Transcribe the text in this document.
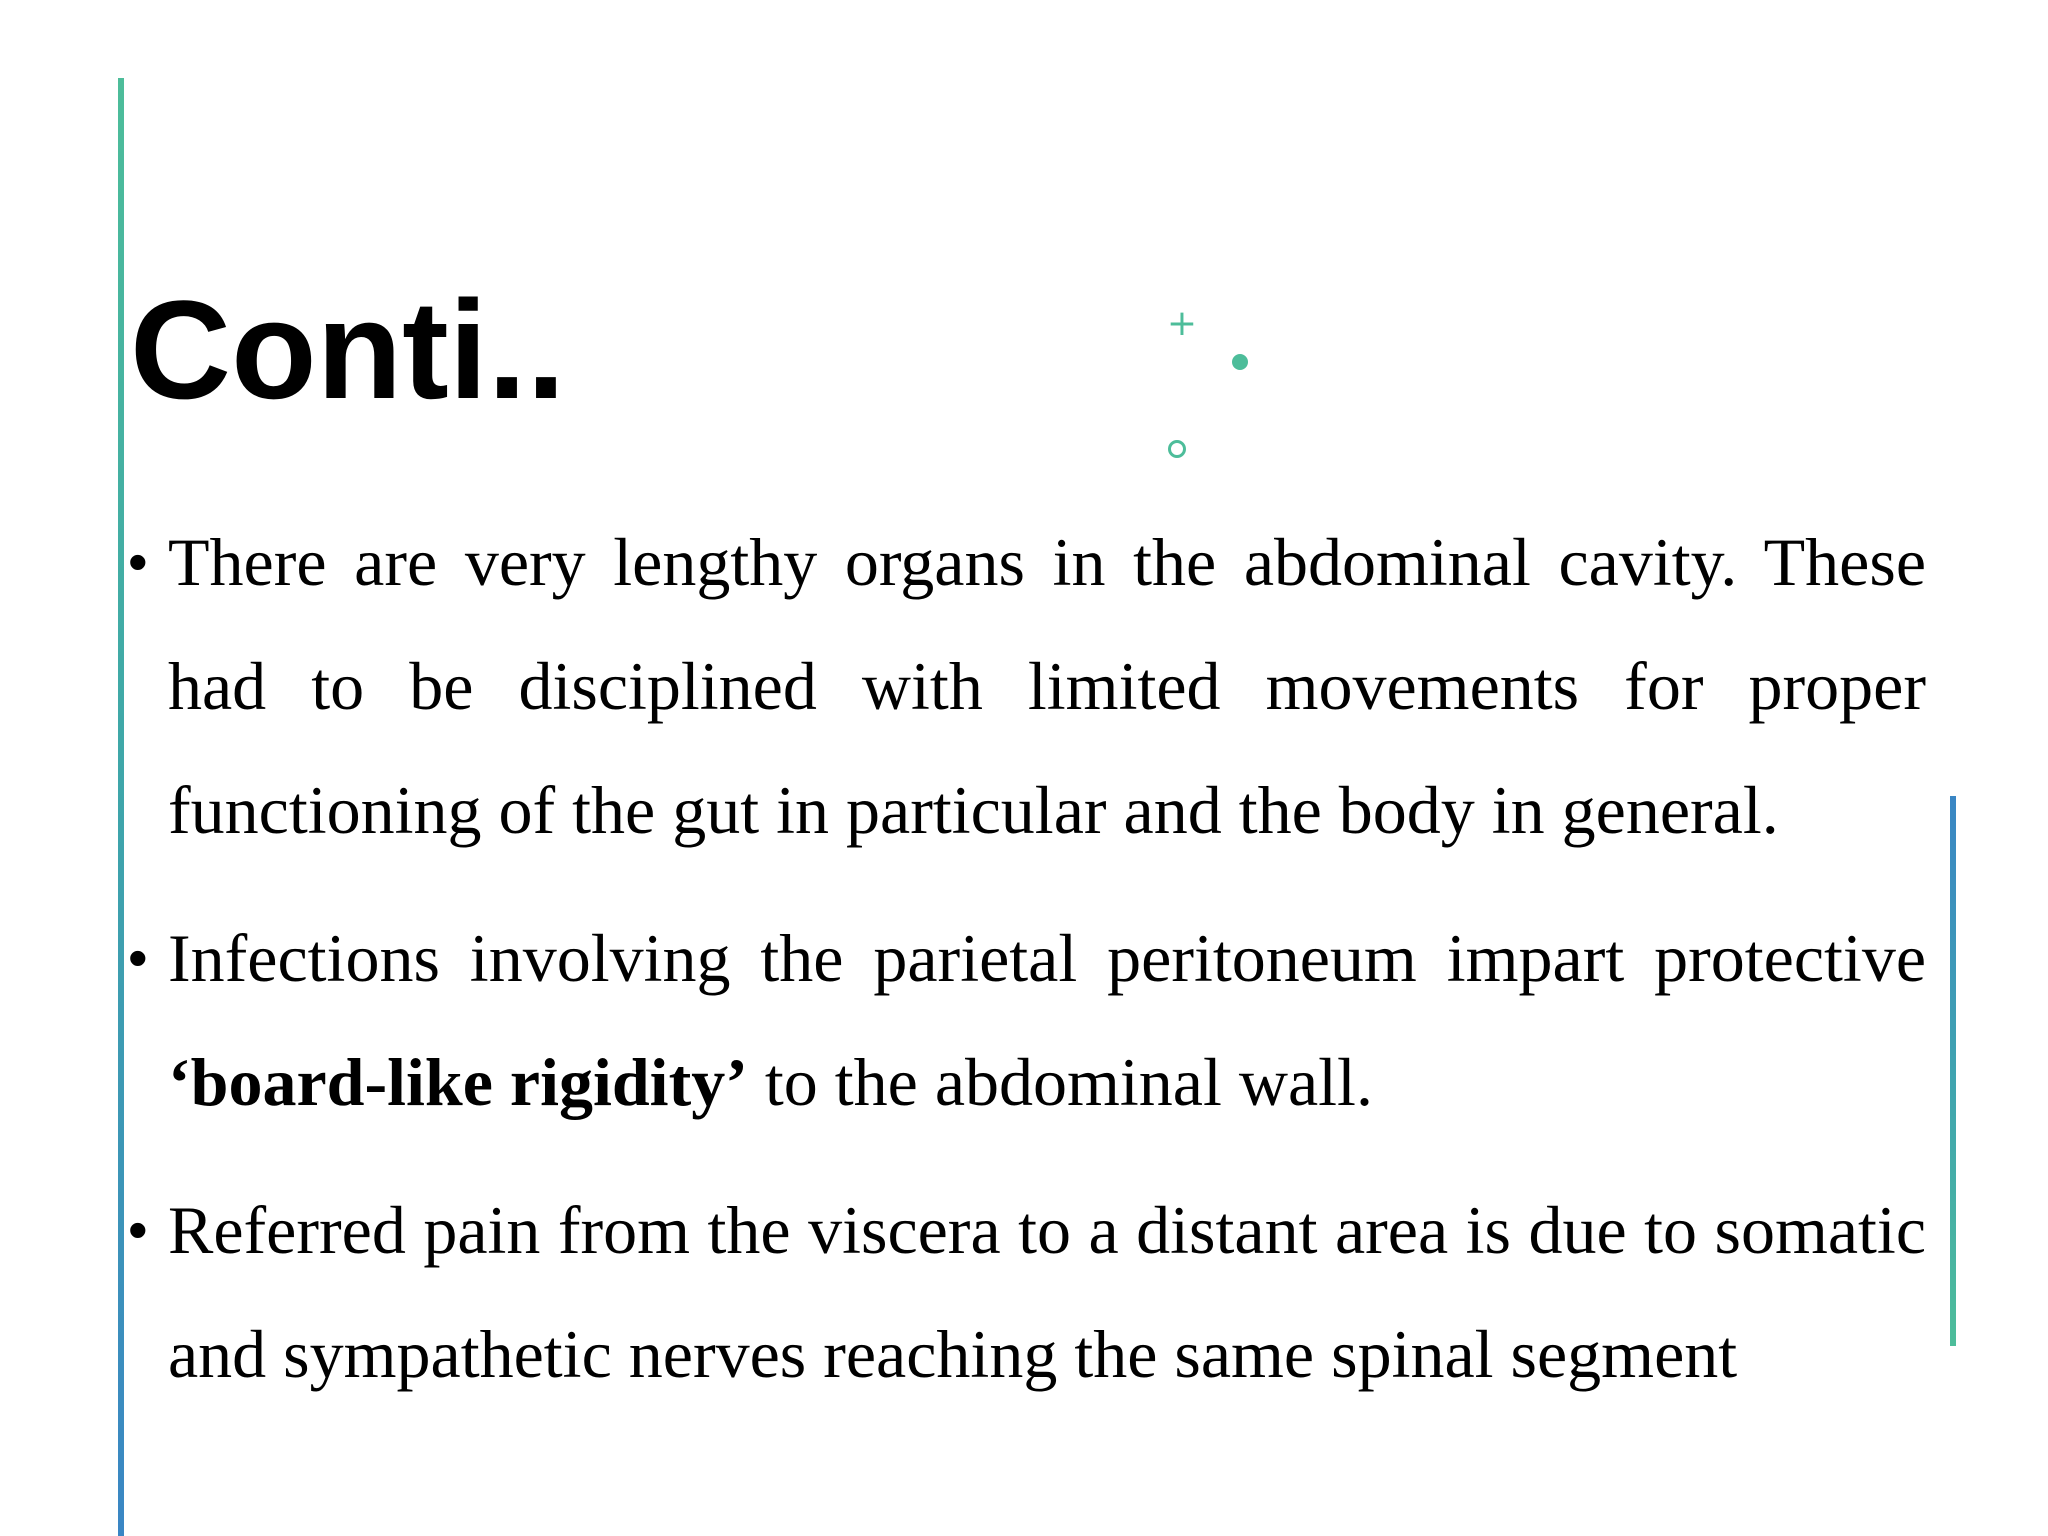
Conti..	+
• There are very lengthy organs in the abdominal cavity. These had to be disciplined with limited movements for proper functioning of the gut in particular and the body in general.
• Infections involving the parietal peritoneum impart protective ‘board-like rigidity’ to the abdominal wall.
• Referred pain from the viscera to a distant area is due to somatic and sympathetic nerves reaching the same spinal segment
